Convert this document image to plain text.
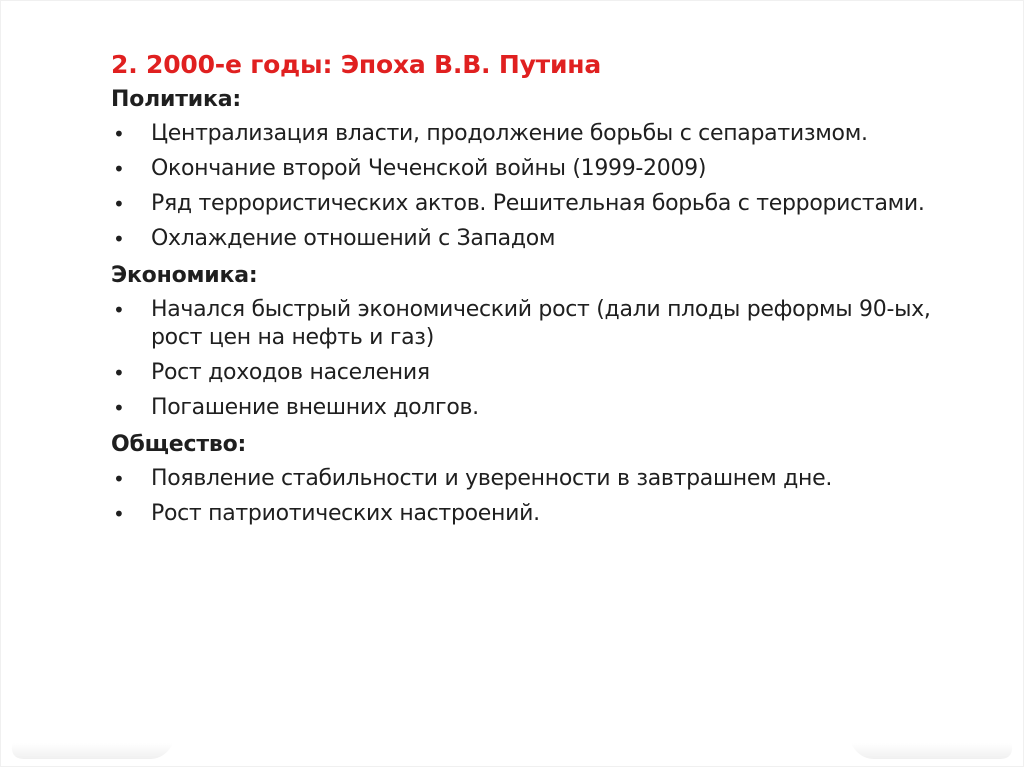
2. 2000-е годы: Эпоха В.В. Путина
Политика:
• Централизация власти, продолжение борьбы с сепаратизмом.
• Окончание второй Чеченской войны (1999-2009)
• Ряд террористических актов. Решительная борьба с террористами.
• Охлаждение отношений с Западом
Экономика:
• Начался быстрый экономический рост (дали плоды реформы 90-ых, рост цен на нефть и газ)
• Рост доходов населения
• Погашение внешних долгов.
Общество:
• Появление стабильности и уверенности в завтрашнем дне.
• Рост патриотических настроений.
